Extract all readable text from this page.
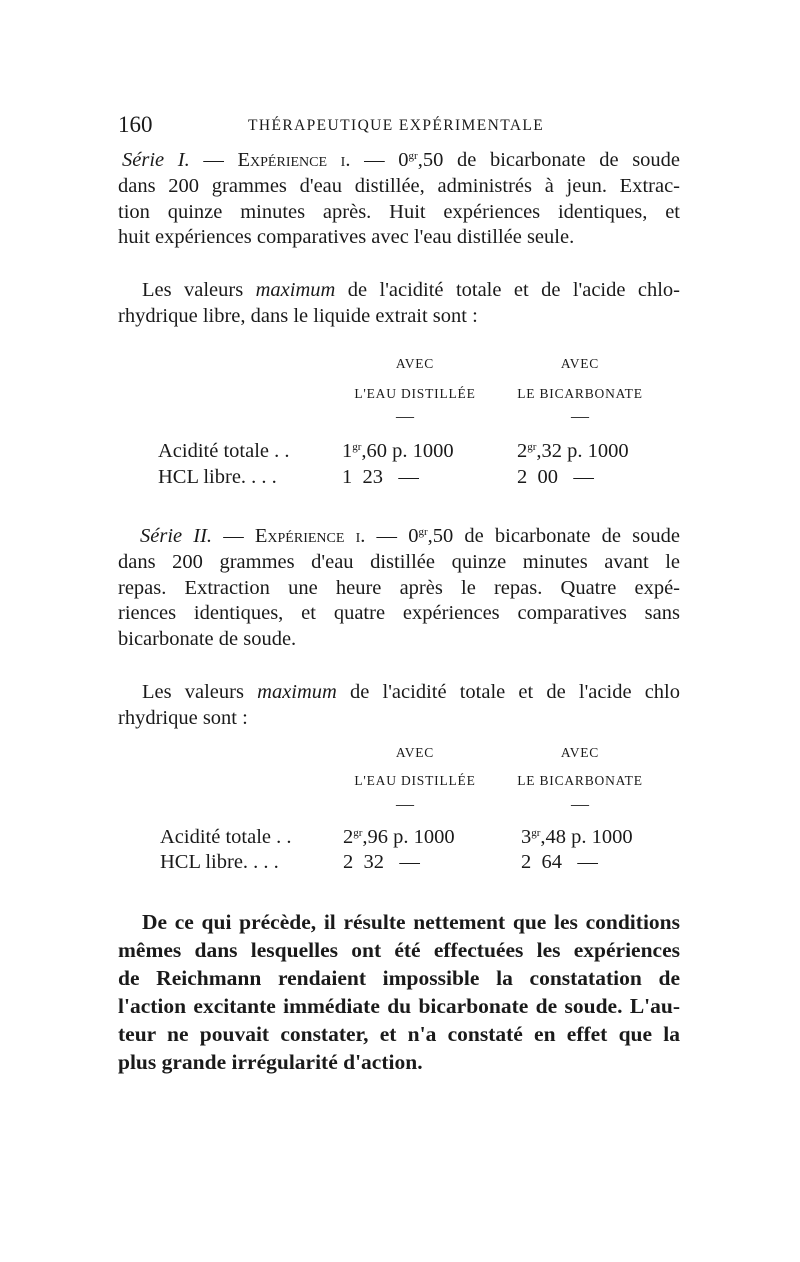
160	THÉRAPEUTIQUE EXPÉRIMENTALE
Série I. — Expérience i. — $0^{gr},50$ de bicarbonate de soude
dans 200 grammes d'eau distillée, administrés à jeun. Extrac-
tion quinze minutes après. Huit expériences identiques, et
huit expériences comparatives avec l'eau distillée seule.
Les valeurs maximum de l'acidité totale et de l'acide chlo-
rhydrique libre, dans le liquide extrait sont :
AVEC	AVEC
L'EAU DISTILLÉE	LE BICARBONATE
—	—
Acidité totale . .	$1^{gr},60$ p. 1000	$2^{gr},32$ p. 1000
HCL libre. . . .	1  23   —	2  00   —
Série II. — Expérience i. — $0^{gr},50$ de bicarbonate de soude
dans 200 grammes d'eau distillée quinze minutes avant le
repas. Extraction une heure après le repas. Quatre expé-
riences identiques, et quatre expériences comparatives sans
bicarbonate de soude.
Les valeurs maximum de l'acidité totale et de l'acide chlo
rhydrique sont :
AVEC	AVEC
L'EAU DISTILLÉE	LE BICARBONATE
—	—
Acidité totale . .	$2^{gr},96$ p. 1000	$3^{gr},48$ p. 1000
HCL libre. . . .	2  32   —	2  64   —
De ce qui précède, il résulte nettement que les conditions
mêmes dans lesquelles ont été effectuées les expériences
de Reichmann rendaient impossible la constatation de
l'action excitante immédiate du bicarbonate de soude. L'au-
teur ne pouvait constater, et n'a constaté en effet que la
plus grande irrégularité d'action.
